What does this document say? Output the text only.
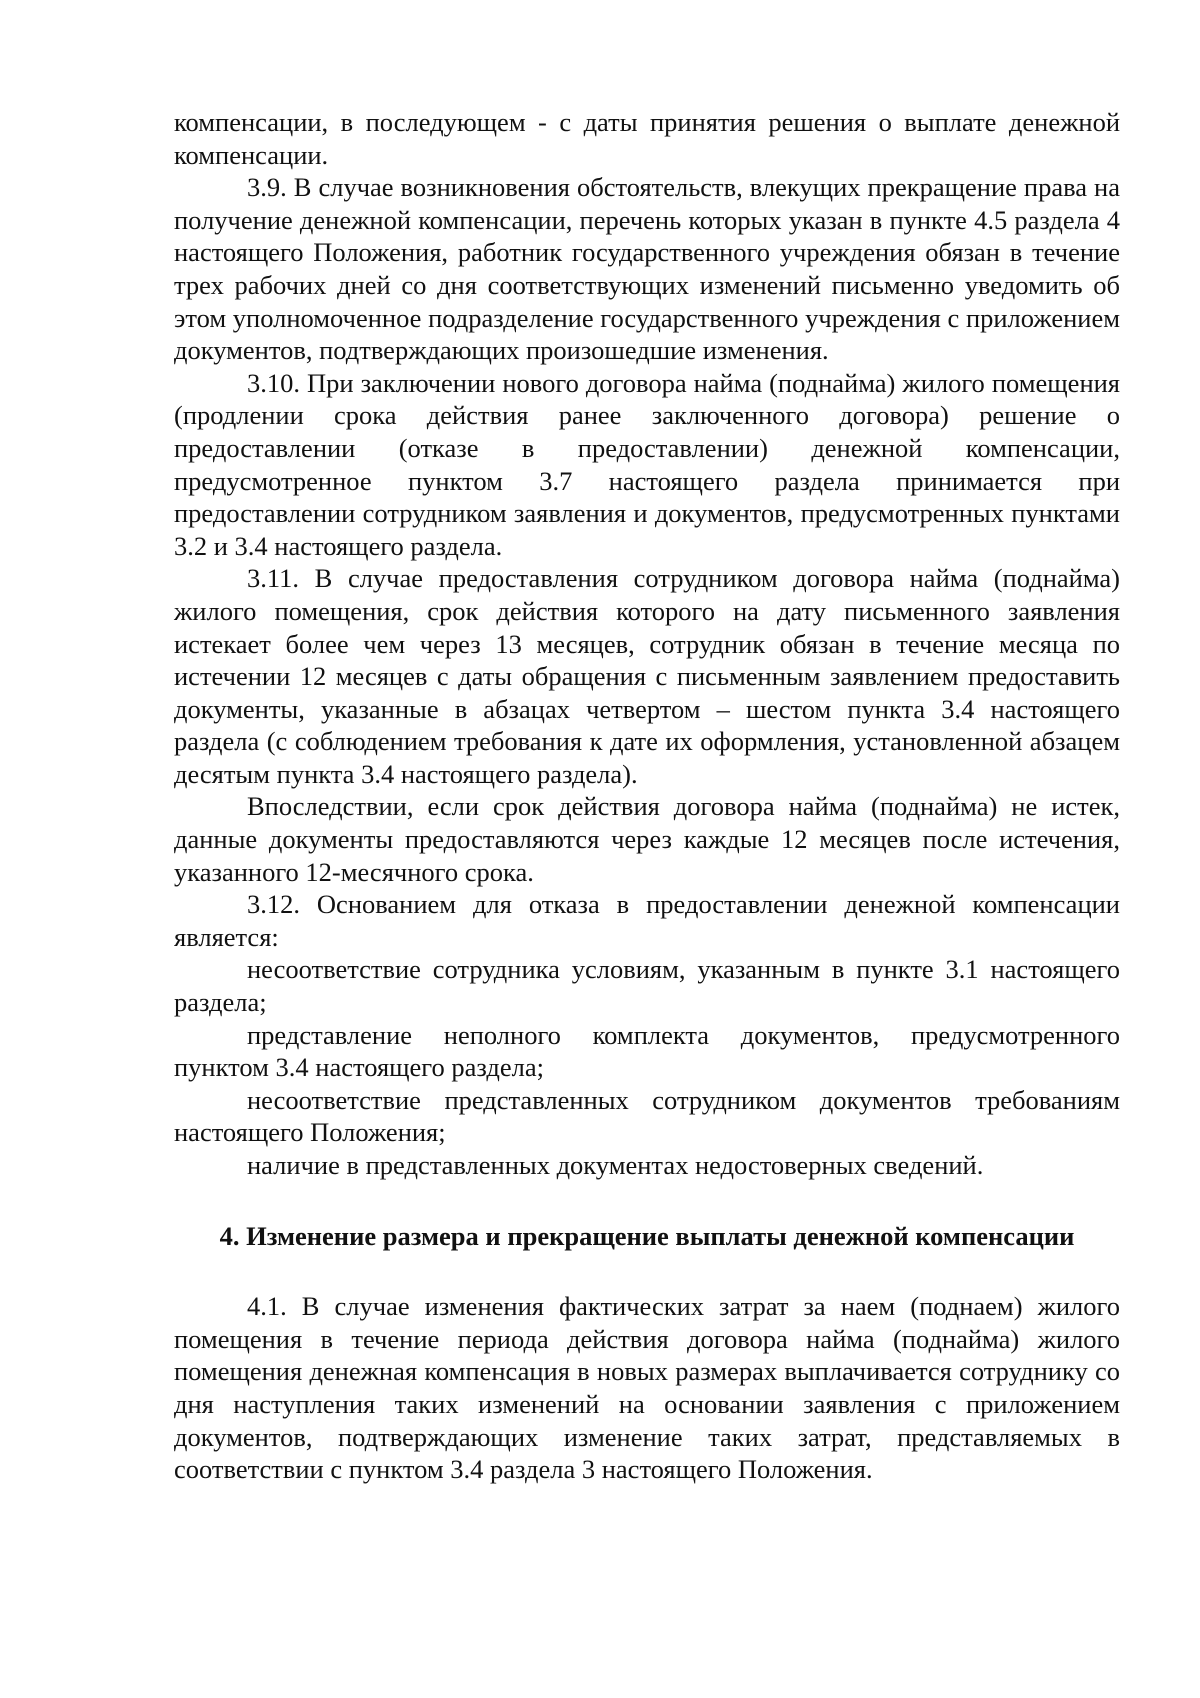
компенсации, в последующем - с даты принятия решения о выплате денежной компенсации.

3.9. В случае возникновения обстоятельств, влекущих прекращение права на получение денежной компенсации, перечень которых указан в пункте 4.5 раздела 4 настоящего Положения, работник государственного учреждения обязан в течение трех рабочих дней со дня соответствующих изменений письменно уведомить об этом уполномоченное подразделение государственного учреждения с приложением документов, подтверждающих произошедшие изменения.

3.10. При заключении нового договора найма (поднайма) жилого помещения (продлении срока действия ранее заключенного договора) решение о предоставлении (отказе в предоставлении) денежной компенсации, предусмотренное пунктом 3.7 настоящего раздела принимается при предоставлении сотрудником заявления и документов, предусмотренных пунктами 3.2 и 3.4 настоящего раздела.

3.11. В случае предоставления сотрудником договора найма (поднайма) жилого помещения, срок действия которого на дату письменного заявления истекает более чем через 13 месяцев, сотрудник обязан в течение месяца по истечении 12 месяцев с даты обращения с письменным заявлением предоставить документы, указанные в абзацах четвертом – шестом пункта 3.4 настоящего раздела (с соблюдением требования к дате их оформления, установленной абзацем десятым пункта 3.4 настоящего раздела).

Впоследствии, если срок действия договора найма (поднайма) не истек, данные документы предоставляются через каждые 12 месяцев после истечения, указанного 12-месячного срока.

3.12. Основанием для отказа в предоставлении денежной компенсации является:

несоответствие сотрудника условиям, указанным в пункте 3.1 настоящего раздела;

представление неполного комплекта документов, предусмотренного пунктом 3.4 настоящего раздела;

несоответствие представленных сотрудником документов требованиям настоящего Положения;

наличие в представленных документах недостоверных сведений.

4. Изменение размера и прекращение выплаты денежной компенсации

4.1. В случае изменения фактических затрат за наем (поднаем) жилого помещения в течение периода действия договора найма (поднайма) жилого помещения денежная компенсация в новых размерах выплачивается сотруднику со дня наступления таких изменений на основании заявления с приложением документов, подтверждающих изменение таких затрат, представляемых в соответствии с пунктом 3.4 раздела 3 настоящего Положения.
